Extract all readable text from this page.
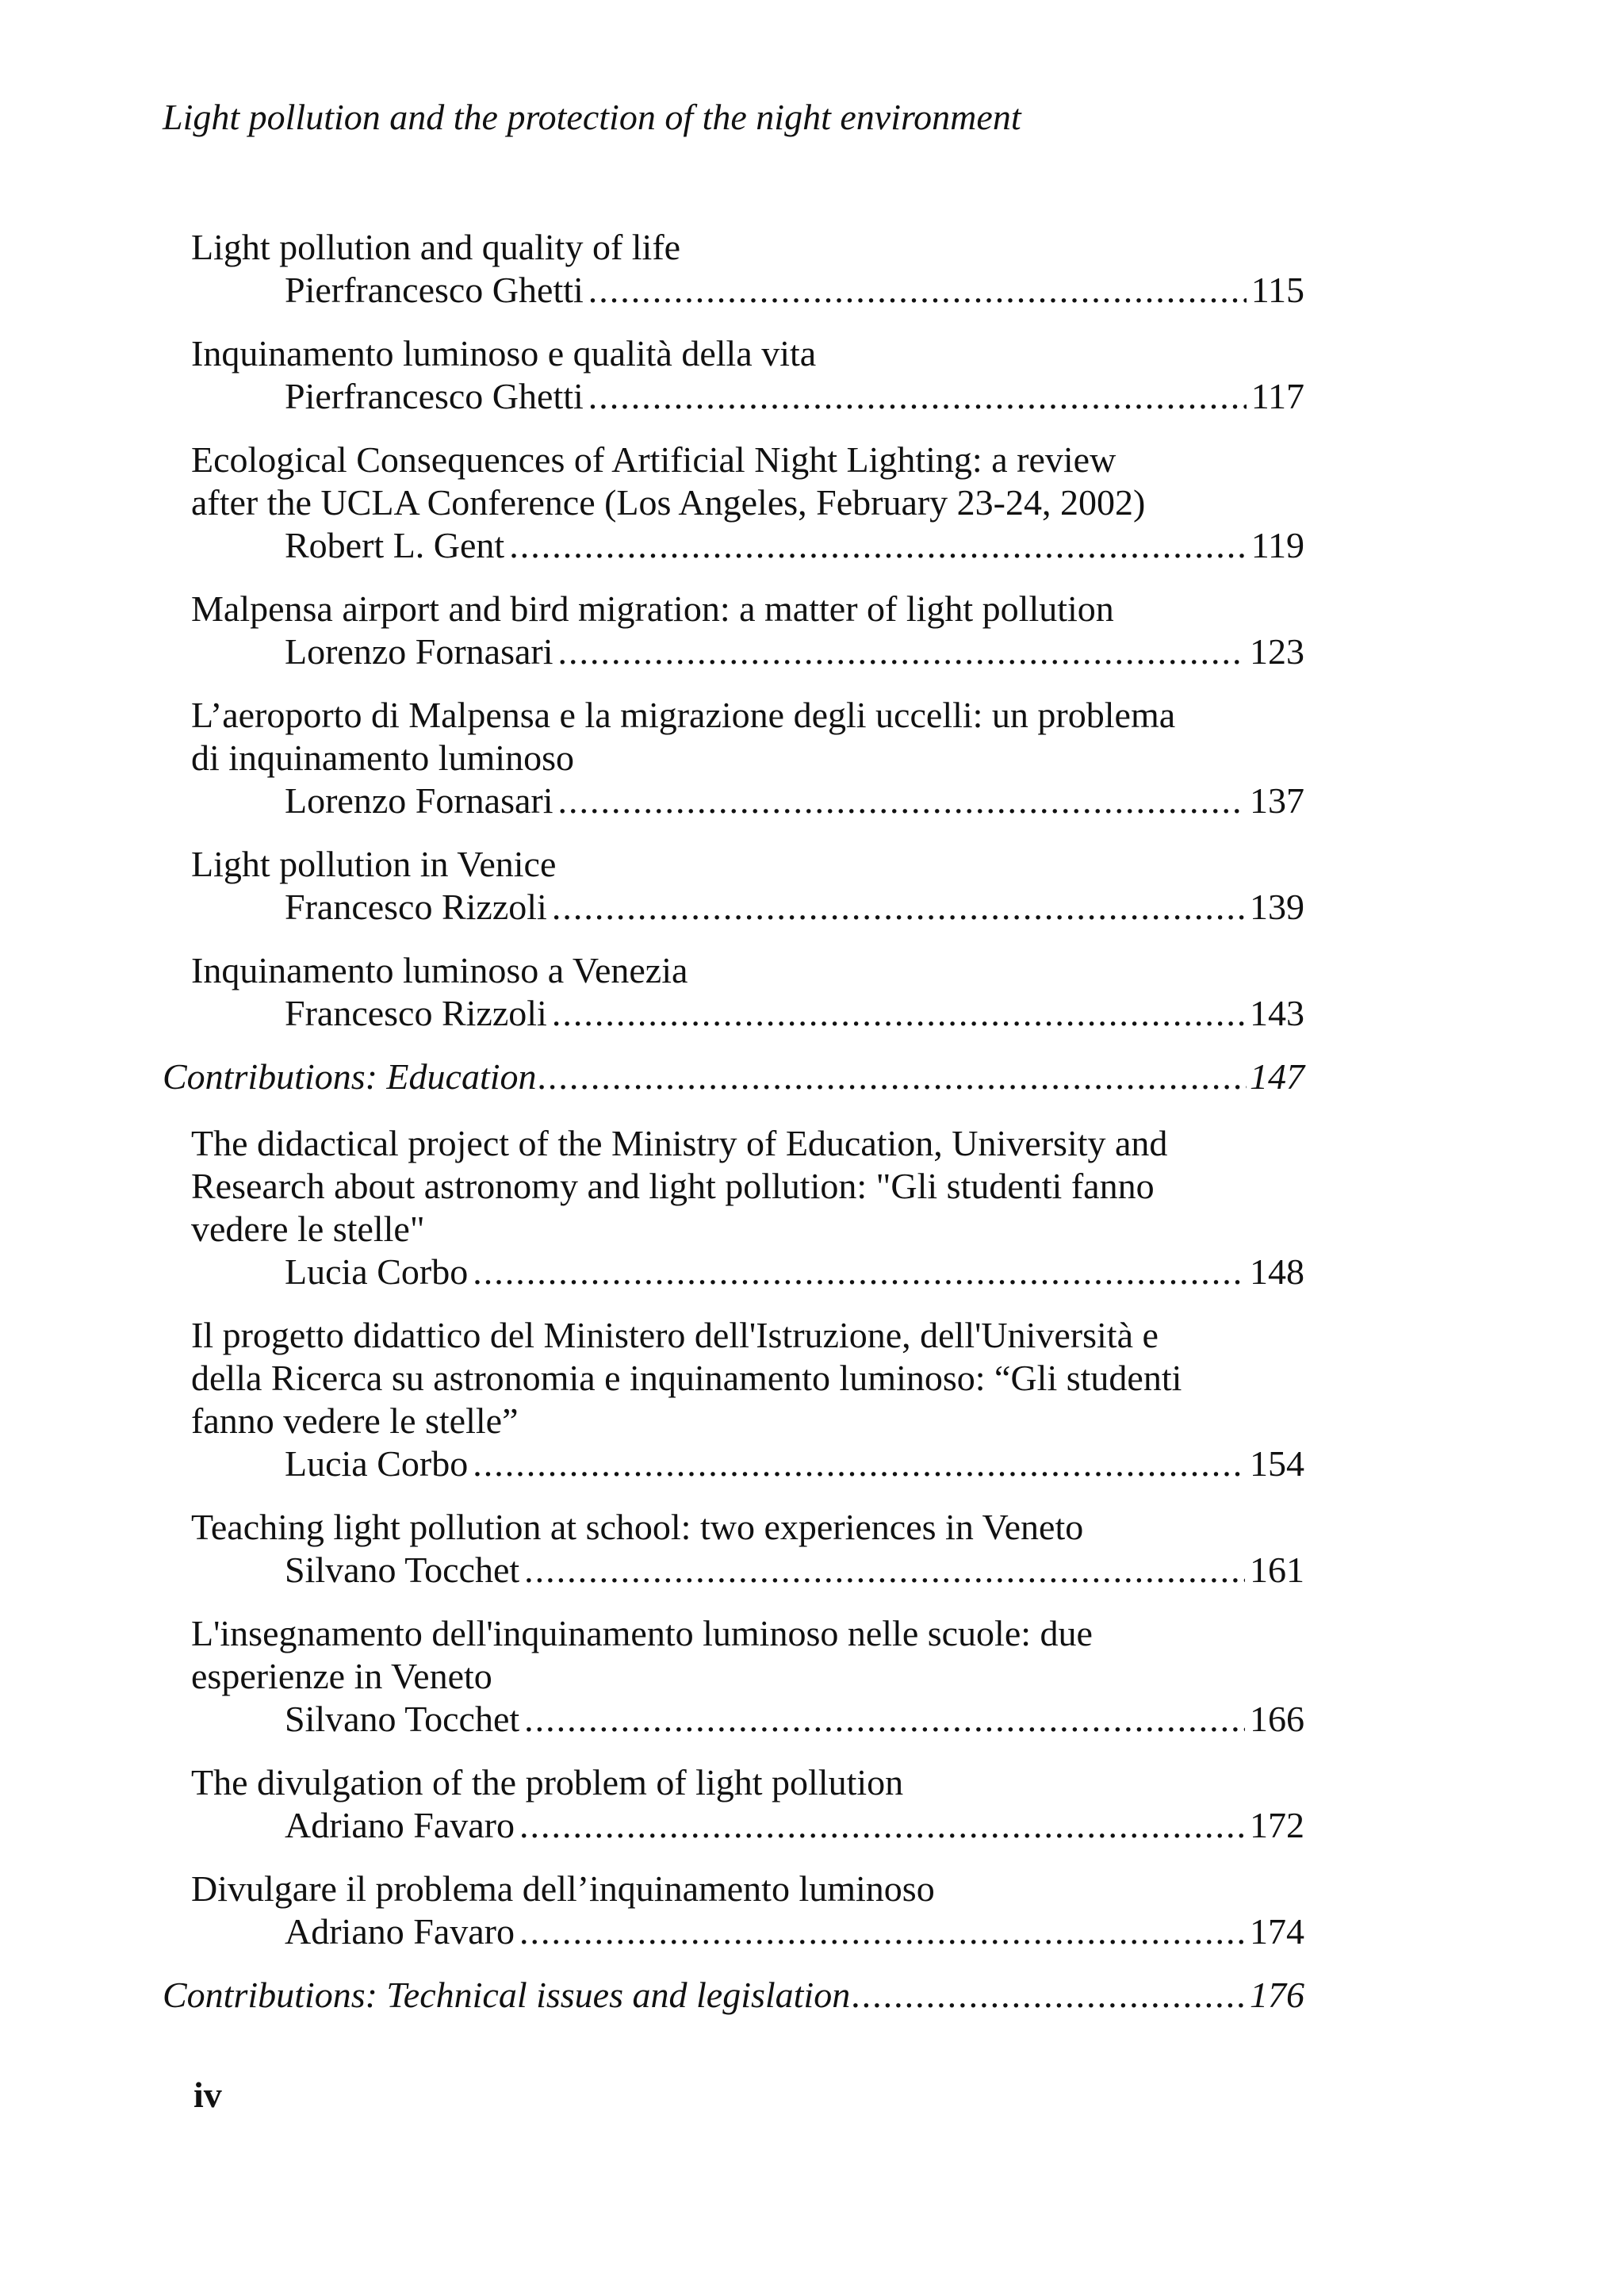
Light pollution and the protection of the night environment
Light pollution and quality of life
Pierfrancesco Ghetti .....	115
Inquinamento luminoso e qualità della vita
Pierfrancesco Ghetti .....	117
Ecological Consequences of Artificial Night Lighting: a review after the UCLA Conference (Los Angeles, February 23-24, 2002)
Robert L. Gent .....	119
Malpensa airport and bird migration: a matter of light pollution
Lorenzo Fornasari .....	123
L’aeroporto di Malpensa e la migrazione degli uccelli: un problema di inquinamento luminoso
Lorenzo Fornasari .....	137
Light pollution in Venice
Francesco Rizzoli .....	139
Inquinamento luminoso a Venezia
Francesco Rizzoli .....	143
Contributions: Education .....	147
The didactical project of the Ministry of Education, University and Research about astronomy and light pollution: "Gli studenti fanno vedere le stelle"
Lucia Corbo .....	148
Il progetto didattico del Ministero dell'Istruzione, dell'Università e della Ricerca su astronomia e inquinamento luminoso: “Gli studenti fanno vedere le stelle”
Lucia Corbo .....	154
Teaching light pollution at school: two experiences in Veneto
Silvano Tocchet .....	161
L'insegnamento dell'inquinamento luminoso nelle scuole: due esperienze in Veneto
Silvano Tocchet .....	166
The divulgation of the problem of light pollution
Adriano Favaro .....	172
Divulgare il problema dell’inquinamento luminoso
Adriano Favaro .....	174
Contributions: Technical issues and legislation .....	176
iv
